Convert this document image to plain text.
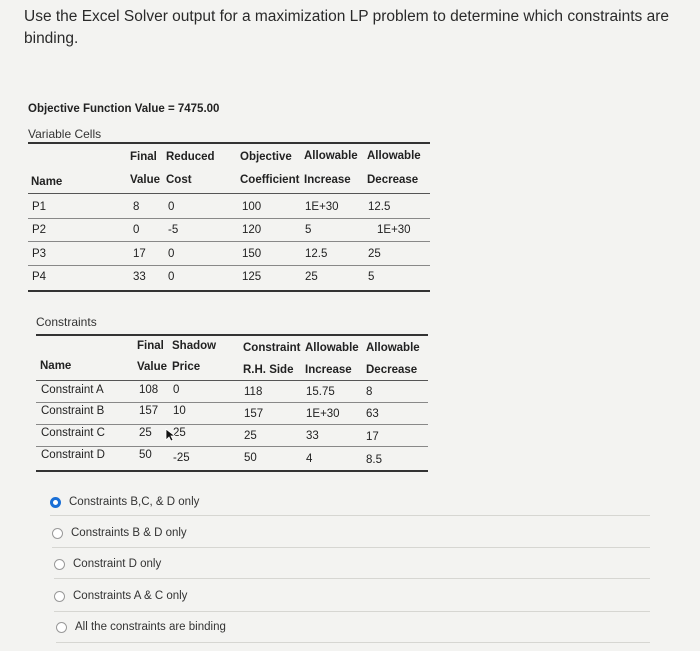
Use the Excel Solver output for a maximization LP problem to determine which constraints are binding.
Objective Function Value = 7475.00
Variable Cells
Final Reduced Objective Allowable Allowable
Name	Value Cost	Coefficient Increase Decrease
P1	8 0	100	1E+30	12.5
P2	0 -5	120	5	1E+30
P3	17 0	150	12.5	25
P4	33 0	125	25	5
Constraints
Final Shadow Constraint Allowable Allowable
Name	Value Price	R.H. Side Increase Decrease
Constraint A	108 0	118	15.75	8
Constraint B	157 10	157	1E+30 63
Constraint C	25 25	25	33	17
Constraint D	50 -25	50	4	8.5
Constraints B,C, & D only
Constraints B & D only
Constraint D only
Constraints A & C only
All the constraints are binding
